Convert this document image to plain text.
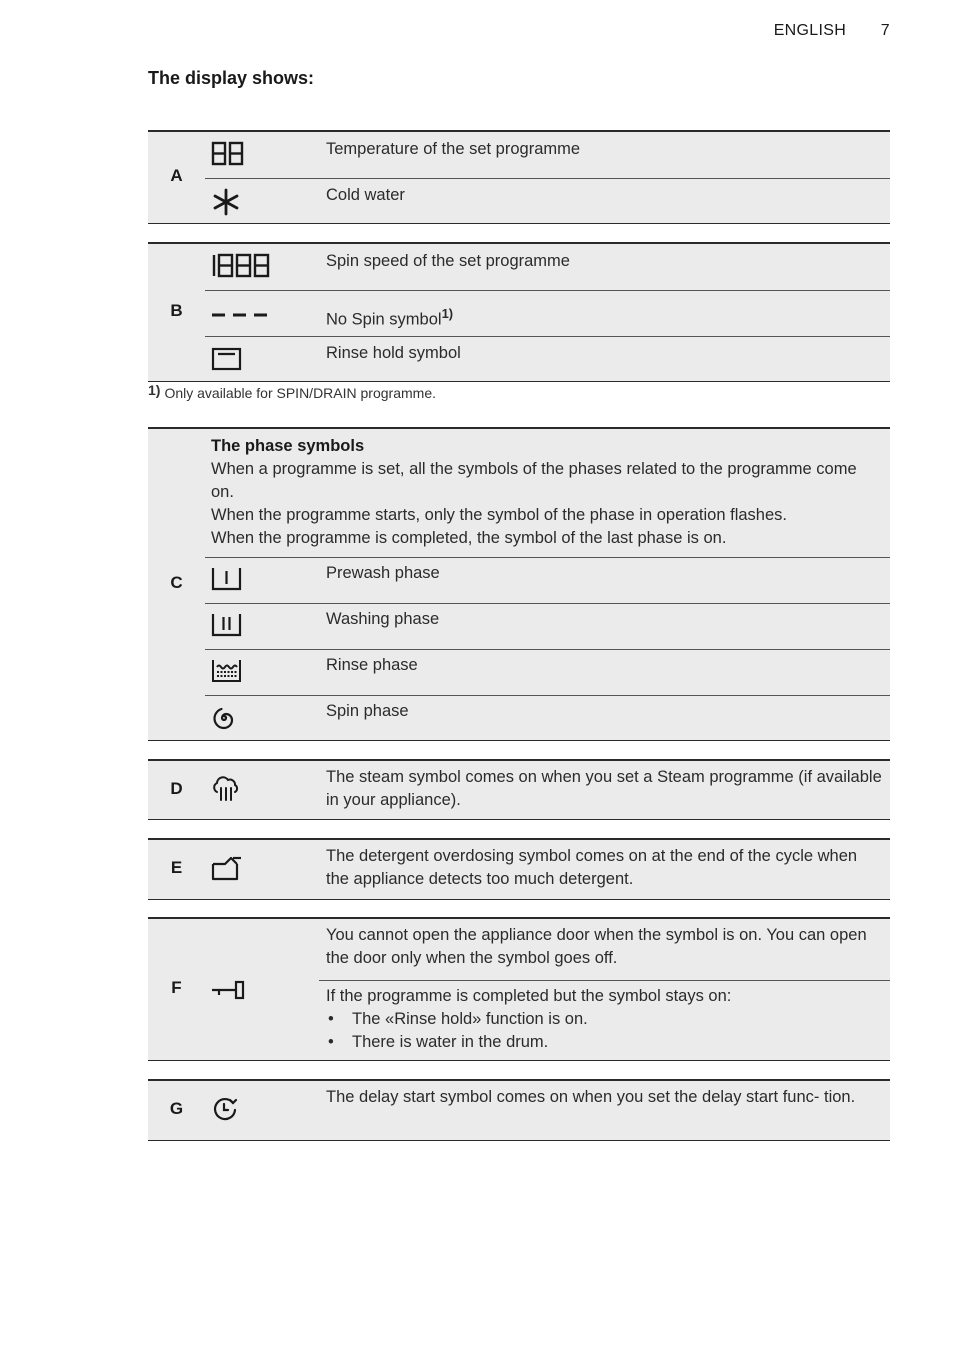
ENGLISH 7
The display shows:
A
Temperature of the set programme
Cold water
B
Spin speed of the set programme
No Spin symbol$^{1)}$
Rinse hold symbol
1) Only available for SPIN/DRAIN programme.
C
The phase symbols
When a programme is set, all the symbols of the phases related to the programme come on.
When the programme starts, only the symbol of the phase in operation flashes.
When the programme is completed, the symbol of the last phase is on.
Prewash phase
Washing phase
Rinse phase
Spin phase
D
The steam symbol comes on when you set a Steam programme (if available in your appliance).
E
The detergent overdosing symbol comes on at the end of the cycle when the appliance detects too much detergent.
F
You cannot open the appliance door when the symbol is on. You can open the door only when the symbol goes off.
If the programme is completed but the symbol stays on:
• The «Rinse hold» function is on.
• There is water in the drum.
G
The delay start symbol comes on when you set the delay start func- tion.
